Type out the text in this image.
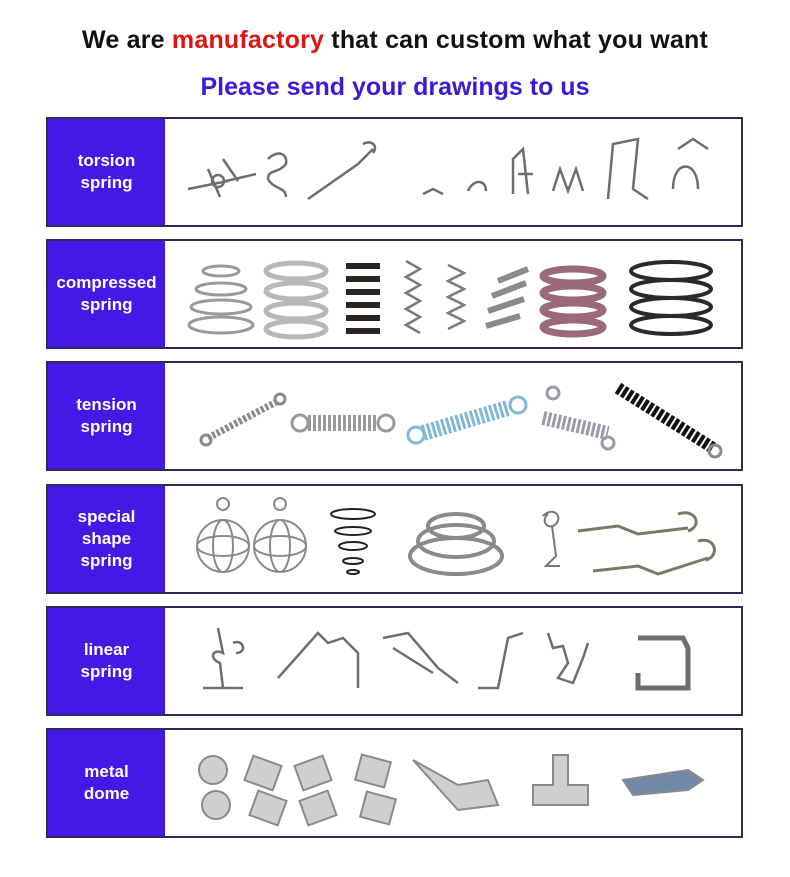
We are manufactory that can custom what you want
Please send your drawings to us
torsion
spring
compressed
spring
tension
spring
special
shape
spring
linear
spring
metal
dome
